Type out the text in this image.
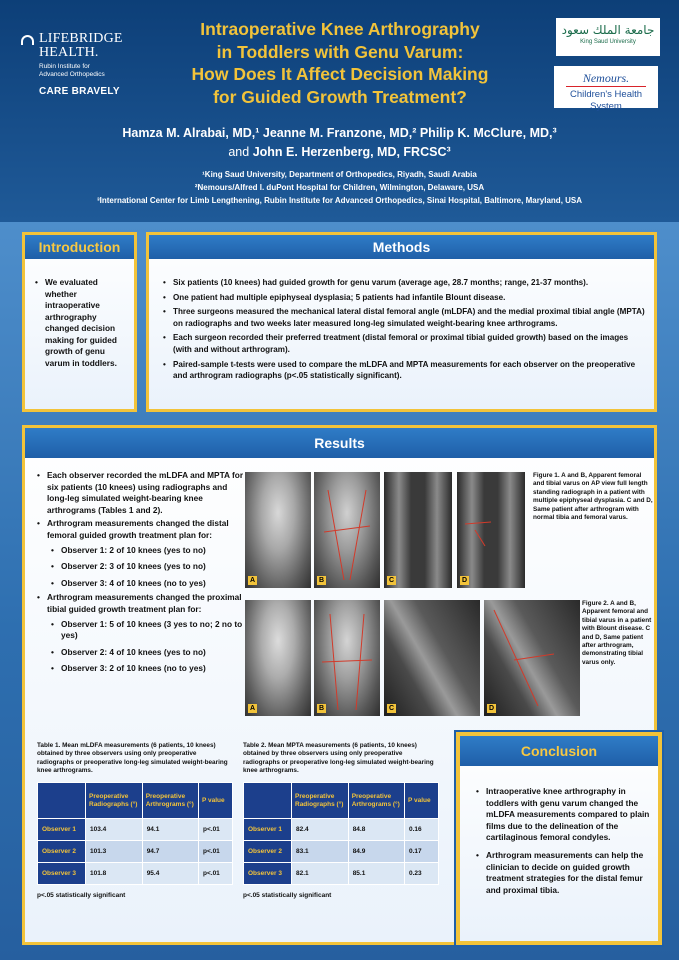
LIFEBRIDGE HEALTH.
Rubin Institute for
Advanced Orthopedics
CARE BRAVELY
Intraoperative Knee Arthrography
in Toddlers with Genu Varum:
How Does It Affect Decision Making
for Guided Growth Treatment?
جامعة الملك سعود
King Saud University
Nemours.
Children's Health System
Hamza M. Alrabai, MD,¹ Jeanne M. Franzone, MD,² Philip K. McClure, MD,³
and John E. Herzenberg, MD, FRCSC³
¹King Saud University, Department of Orthopedics, Riyadh, Saudi Arabia
²Nemours/Alfred I. duPont Hospital for Children, Wilmington, Delaware, USA
³International Center for Limb Lengthening, Rubin Institute for Advanced Orthopedics, Sinai Hospital, Baltimore, Maryland, USA
Introduction
• We evaluated whether intraoperative arthrography changed decision making for guided growth of genu varum in toddlers.
Methods
• Six patients (10 knees) had guided growth for genu varum (average age, 28.7 months; range, 21-37 months).
• One patient had multiple epiphyseal dysplasia; 5 patients had infantile Blount disease.
• Three surgeons measured the mechanical lateral distal femoral angle (mLDFA) and the medial proximal tibial angle (MPTA) on radiographs and two weeks later measured long-leg simulated weight-bearing knee arthrograms.
• Each surgeon recorded their preferred treatment (distal femoral or proximal tibial guided growth) based on the images (with and without arthrogram).
• Paired-sample t-tests were used to compare the mLDFA and MPTA measurements for each observer on the preoperative and arthrogram radiographs (p<.05 statistically significant).
Results
• Each observer recorded the mLDFA and MPTA for six patients (10 knees) using radiographs and long-leg simulated weight-bearing knee arthrograms (Tables 1 and 2).
• Arthrogram measurements changed the distal femoral guided growth treatment plan for:
• Observer 1: 2 of 10 knees (yes to no)
• Observer 2: 3 of 10 knees (yes to no)
• Observer 3: 4 of 10 knees (no to yes)
• Arthrogram measurements changed the proximal tibial guided growth treatment plan for:
• Observer 1: 5 of 10 knees (3 yes to no; 2 no to yes)
• Observer 2: 4 of 10 knees (yes to no)
• Observer 3: 2 of 10 knees (no to yes)
A	B	C	D
Figure 1. A and B, Apparent femoral and tibial varus on AP view full length standing radiograph in a patient with multiple epiphyseal dysplasia. C and D, Same patient after arthrogram with normal tibia and femoral varus.
A	B	C	D
Figure 2. A and B, Apparent femoral and tibial varus in a patient with Blount disease. C and D, Same patient after arthrogram, demonstrating tibial varus only.
Table 1. Mean mLDFA measurements (6 patients, 10 knees) obtained by three observers using only preoperative radiographs or preoperative long-leg simulated weight-bearing knee arthrograms.
	Preoperative Radiographs (°)	Preoperative Arthrograms (°)	P value
Observer 1	103.4	94.1	p<.01
Observer 2	101.3	94.7	p<.01
Observer 3	101.8	95.4	p<.01
p<.05 statistically significant
Table 2. Mean MPTA measurements (6 patients, 10 knees) obtained by three observers using only preoperative radiographs or preoperative long-leg simulated weight-bearing knee arthrograms.
	Preoperative Radiographs (°)	Preoperative Arthrograms (°)	P value
Observer 1	82.4	84.8	0.16
Observer 2	83.1	84.9	0.17
Observer 3	82.1	85.1	0.23
p<.05 statistically significant
Conclusion
• Intraoperative knee arthrography in toddlers with genu varum changed the mLDFA measurements compared to plain films due to the delineation of the cartilaginous femoral condyles.
• Arthrogram measurements can help the clinician to decide on guided growth treatment strategies for the distal femur and proximal tibia.
